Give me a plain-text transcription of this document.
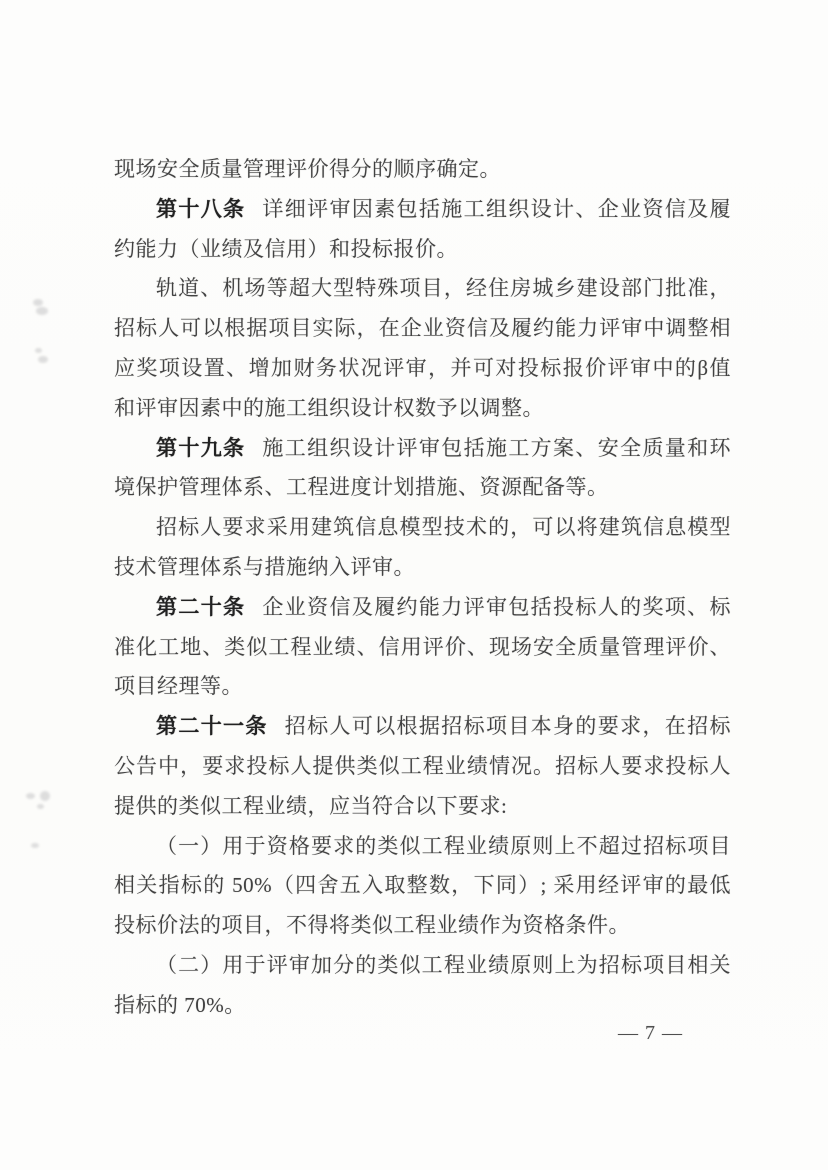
现场安全质量管理评价得分的顺序确定。
第十八条 详细评审因素包括施工组织设计、企业资信及履
约能力（业绩及信用）和投标报价。
轨道、机场等超大型特殊项目，经住房城乡建设部门批准，
招标人可以根据项目实际，在企业资信及履约能力评审中调整相
应奖项设置、增加财务状况评审，并可对投标报价评审中的β值
和评审因素中的施工组织设计权数予以调整。
第十九条 施工组织设计评审包括施工方案、安全质量和环
境保护管理体系、工程进度计划措施、资源配备等。
招标人要求采用建筑信息模型技术的，可以将建筑信息模型
技术管理体系与措施纳入评审。
第二十条 企业资信及履约能力评审包括投标人的奖项、标
准化工地、类似工程业绩、信用评价、现场安全质量管理评价、
项目经理等。
第二十一条 招标人可以根据招标项目本身的要求，在招标
公告中，要求投标人提供类似工程业绩情况。招标人要求投标人
提供的类似工程业绩，应当符合以下要求:
（一）用于资格要求的类似工程业绩原则上不超过招标项目
相关指标的 50%（四舍五入取整数，下同）; 采用经评审的最低
投标价法的项目，不得将类似工程业绩作为资格条件。
（二）用于评审加分的类似工程业绩原则上为招标项目相关
指标的 70%。
— 7 —
